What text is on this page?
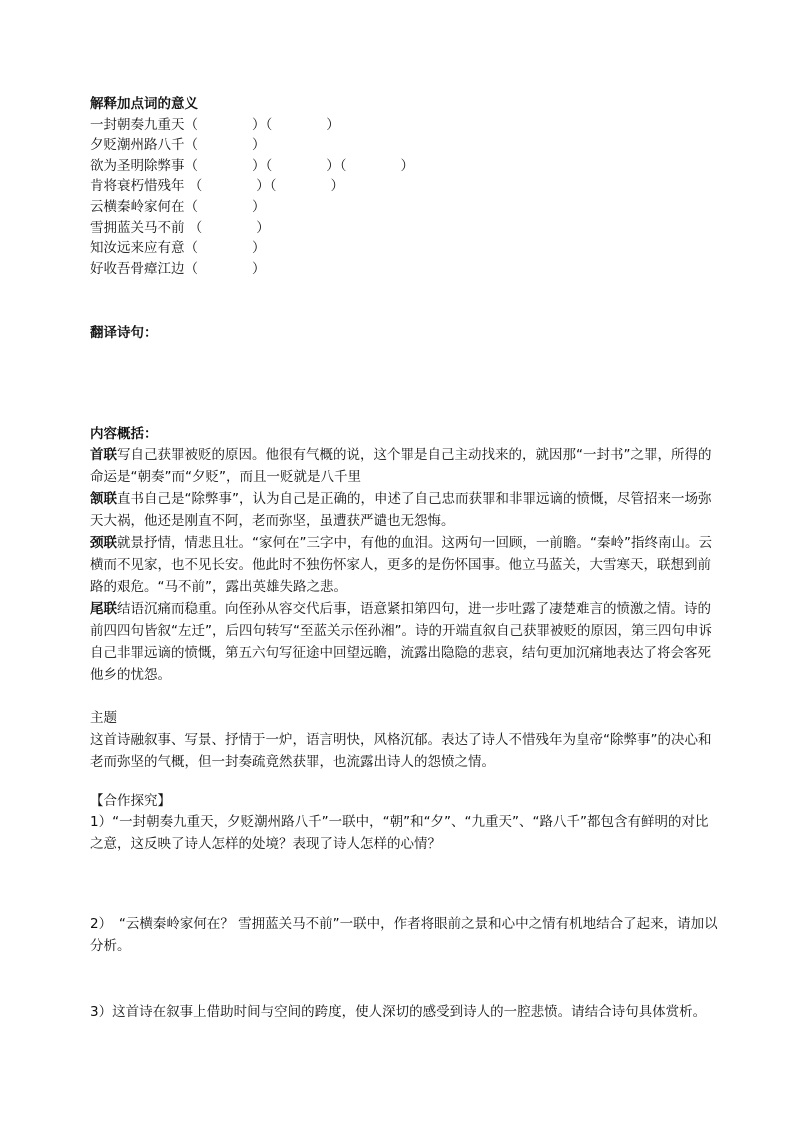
解释加点词的意义
一封朝奏九重天（　　　　）（　　　　）
夕贬潮州路八千（　　　　）
欲为圣明除弊事（　　　　）（　　　　）（　　　　）
肯将衰朽惜残年 （　　　　）（　　　　）
云横秦岭家何在（　　　　）
雪拥蓝关马不前 （　　　　）
知汝远来应有意（　　　　）
好收吾骨瘴江边（　　　　）
翻译诗句：
内容概括：
首联写自己获罪被贬的原因。他很有气概的说，这个罪是自己主动找来的，就因那“一封书”之罪，所得的命运是“朝奏”而“夕贬”，而且一贬就是八千里
颔联直书自己是“除弊事”，认为自己是正确的，申述了自己忠而获罪和非罪远谪的愤慨，尽管招来一场弥天大祸，他还是刚直不阿，老而弥坚，虽遭获严谴也无怨悔。
颈联就景抒情，情悲且壮。“家何在”三字中，有他的血泪。这两句一回顾，一前瞻。“秦岭”指终南山。云横而不见家，也不见长安。他此时不独伤怀家人，更多的是伤怀国事。他立马蓝关，大雪寒天，联想到前路的艰危。“马不前”，露出英雄失路之悲。
尾联结语沉痛而稳重。向侄孙从容交代后事，语意紧扣第四句，进一步吐露了凄楚难言的愤激之情。诗的前四四句皆叙“左迁”，后四句转写“至蓝关示侄孙湘”。诗的开端直叙自己获罪被贬的原因，第三四句申诉自己非罪远谪的愤慨，第五六句写征途中回望远瞻，流露出隐隐的悲哀，结句更加沉痛地表达了将会客死他乡的忧怨。
主题
这首诗融叙事、写景、抒情于一炉，语言明快，风格沉郁。表达了诗人不惜残年为皇帝“除弊事”的决心和老而弥坚的气概，但一封奏疏竟然获罪，也流露出诗人的怨愤之情。
【合作探究】
1）“一封朝奏九重天，夕贬潮州路八千”一联中，“朝”和“夕”、“九重天”、“路八千”都包含有鲜明的对比之意，这反映了诗人怎样的处境？表现了诗人怎样的心情？
2）　“云横秦岭家何在？ 雪拥蓝关马不前”一联中，作者将眼前之景和心中之情有机地结合了起来，请加以分析。
3）这首诗在叙事上借助时间与空间的跨度，使人深切的感受到诗人的一腔悲愤。请结合诗句具体赏析。
